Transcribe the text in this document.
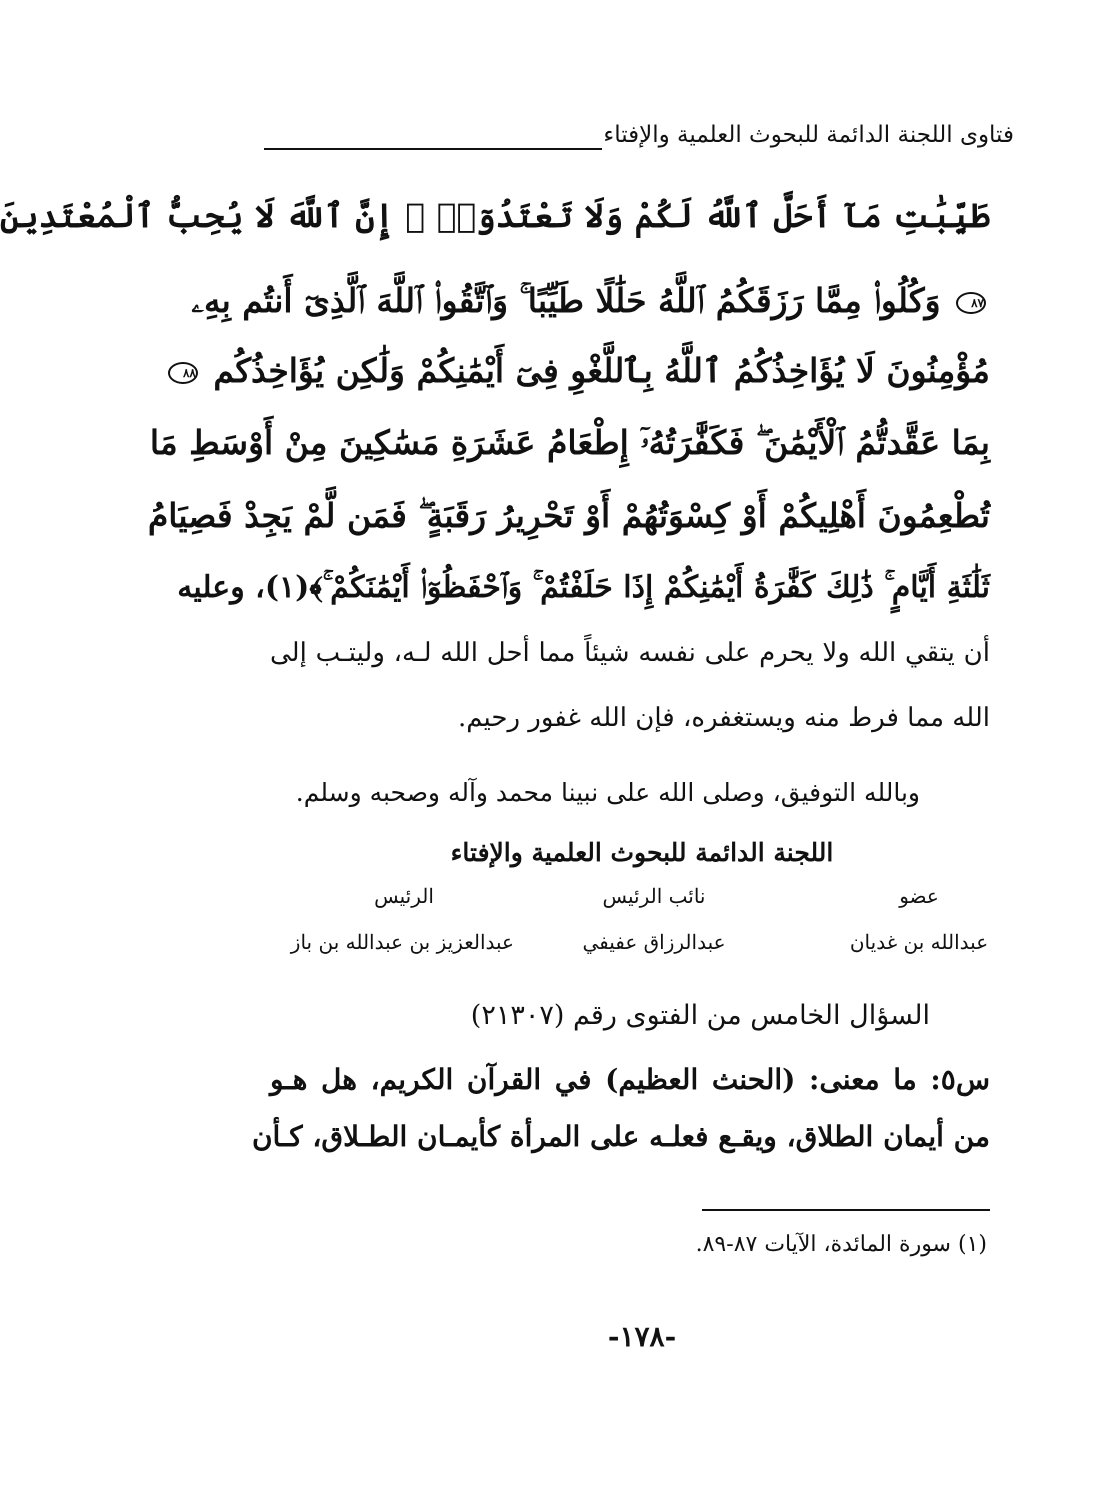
فتاوى اللجنة الدائمة للبحوث العلمية والإفتاء
طَيِّبَٰتِ مَآ أَحَلَّ ٱللَّهُ لَكُمْ وَلَا تَعْتَدُوٓا۟ ۚ إِنَّ ٱللَّهَ لَا يُحِبُّ ٱلْمُعْتَدِينَ
٨٧ وَكُلُوا۟ مِمَّا رَزَقَكُمُ ٱللَّهُ حَلَٰلًا طَيِّبًا ۚ وَٱتَّقُوا۟ ٱللَّهَ ٱلَّذِىٓ أَنتُم بِهِۦ
مُؤْمِنُونَ لَا يُؤَاخِذُكُمُ ٱللَّهُ بِٱللَّغْوِ فِىٓ أَيْمَٰنِكُمْ وَلَٰكِن يُؤَاخِذُكُم ٨٨
بِمَا عَقَّدتُّمُ ٱلْأَيْمَٰنَ ۖ فَكَفَّٰرَتُهُۥٓ إِطْعَامُ عَشَرَةِ مَسَٰكِينَ مِنْ أَوْسَطِ مَا
تُطْعِمُونَ أَهْلِيكُمْ أَوْ كِسْوَتُهُمْ أَوْ تَحْرِيرُ رَقَبَةٍ ۖ فَمَن لَّمْ يَجِدْ فَصِيَامُ
ثَلَٰثَةِ أَيَّامٍ ۚ ذَٰلِكَ كَفَّٰرَةُ أَيْمَٰنِكُمْ إِذَا حَلَفْتُمْ ۚ وَٱحْفَظُوٓا۟ أَيْمَٰنَكُمْ ۚ﴾(١)، وعليه
أن يتقي الله ولا يحرم على نفسه شيئاً مما أحل الله لـه، وليتـب إلى
الله مما فرط منه ويستغفره، فإن الله غفور رحيم.
وبالله التوفيق، وصلى الله على نبينا محمد وآله وصحبه وسلم.
اللجنة الدائمة للبحوث العلمية والإفتاء
عضو
نائب الرئيس
الرئيس
عبدالله بن غديان
عبدالرزاق عفيفي
عبدالعزيز بن عبدالله بن باز
السؤال الخامس من الفتوى رقم (٢١٣٠٧)
س٥: ما معنى: (الحنث العظيم) في القرآن الكريم، هل هـو
من أيمان الطلاق، ويقـع فعلـه على المرأة كأيمـان الطـلاق، كـأن
(١) سورة المائدة، الآيات ٨٧-٨٩.
-١٧٨-
